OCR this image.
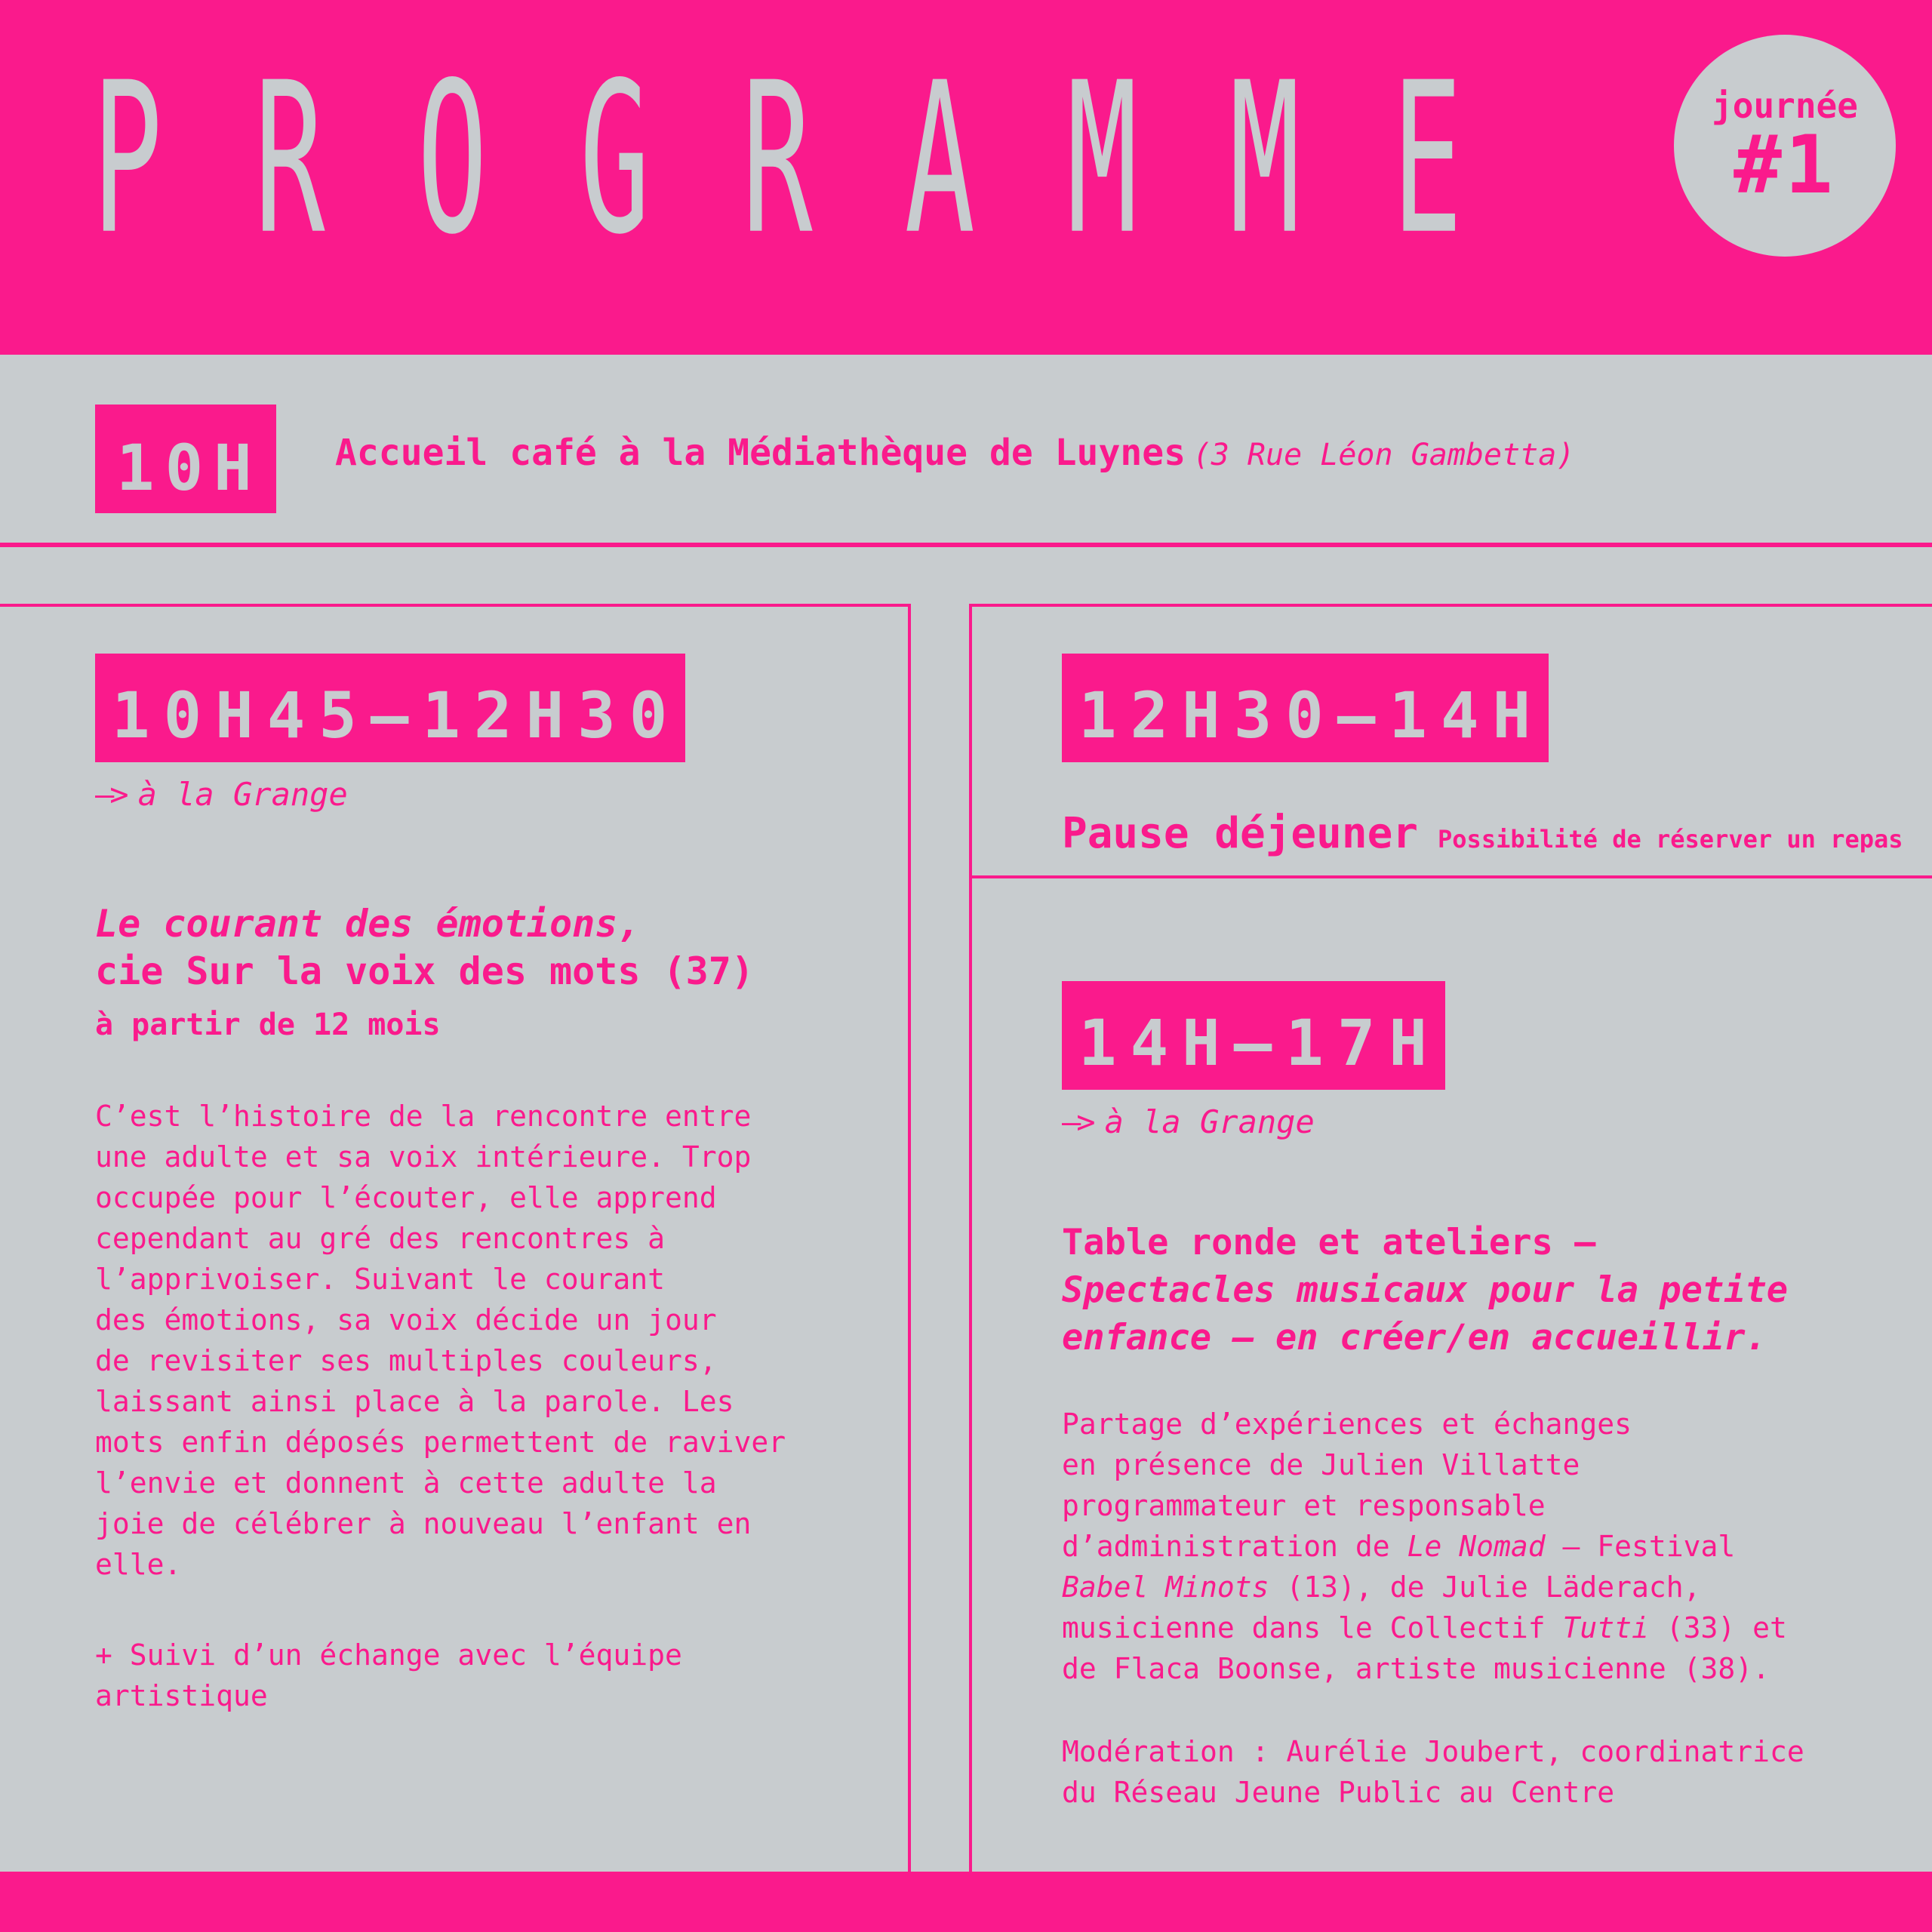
PROGRAMME	journée
#1
10H	Accueil café à la Médiathèque de Luynes (3 Rue Léon Gambetta)
10H45–12H30
–> à la Grange
Le courant des émotions,
cie Sur la voix des mots (37)
à partir de 12 mois
C’est l’histoire de la rencontre entre
une adulte et sa voix intérieure. Trop
occupée pour l’écouter, elle apprend
cependant au gré des rencontres à
l’apprivoiser. Suivant le courant
des émotions, sa voix décide un jour
de revisiter ses multiples couleurs,
laissant ainsi place à la parole. Les
mots enfin déposés permettent de raviver
l’envie et donnent à cette adulte la
joie de célébrer à nouveau l’enfant en
elle.
+ Suivi d’un échange avec l’équipe
artistique
12H30–14H
Pause déjeuner Possibilité de réserver un repas
14H–17H
–> à la Grange
Table ronde et ateliers –
Spectacles musicaux pour la petite
enfance – en créer/en accueillir.
Partage d’expériences et échanges
en présence de Julien Villatte
programmateur et responsable
d’administration de Le Nomad – Festival
Babel Minots (13), de Julie Läderach,
musicienne dans le Collectif Tutti (33) et
de Flaca Boonse, artiste musicienne (38).
Modération : Aurélie Joubert, coordinatrice
du Réseau Jeune Public au Centre
